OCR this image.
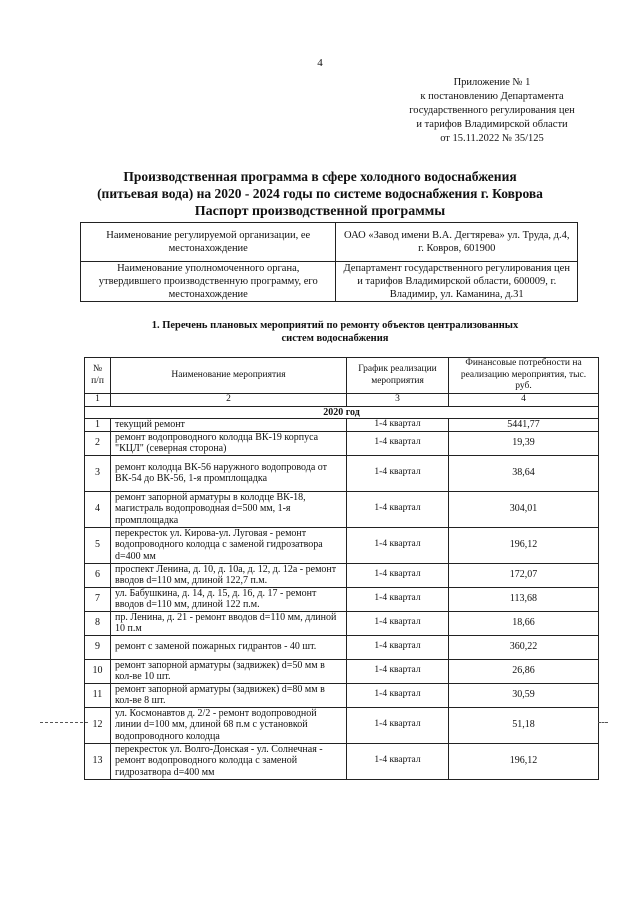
4
Приложение № 1
к постановлению Департамента
государственного регулирования цен
и тарифов Владимирской области
от 15.11.2022 № 35/125
Производственная программа в сфере холодного водоснабжения
(питьевая вода) на 2020 - 2024 годы по системе водоснабжения г. Коврова
Паспорт производственной программы
Наименование регулируемой организации, ее местонахождение	ОАО «Завод имени В.А. Дегтярева» ул. Труда, д.4, г. Ковров, 601900
Наименование уполномоченного органа, утвердившего производственную программу, его местонахождение	Департамент государственного регулирования цен и тарифов Владимирской области, 600009, г. Владимир, ул. Каманина, д.31
1. Перечень плановых мероприятий по ремонту объектов централизованных
систем водоснабжения
№ п/п	Наименование мероприятия	График реализации мероприятия	Финансовые потребности на реализацию мероприятия, тыс. руб.
1	2	3	4
2020 год			
1	текущий ремонт	1-4 квартал	5441,77
2	ремонт водопроводного колодца ВК-19 корпуса "КЦЛ" (северная сторона)	1-4 квартал	19,39
3	ремонт колодца ВК-56 наружного водопровода от ВК-54 до ВК-56, 1-я промплощадка	1-4 квартал	38,64
4	ремонт запорной арматуры в колодце ВК-18, магистраль водопроводная d=500 мм, 1-я промплощадка	1-4 квартал	304,01
5	перекресток ул. Кирова-ул. Луговая - ремонт водопроводного колодца с заменой гидрозатвора d=400 мм	1-4 квартал	196,12
6	проспект Ленина, д. 10, д. 10а, д. 12, д. 12а - ремонт вводов d=110 мм, длиной 122,7 п.м.	1-4 квартал	172,07
7	ул. Бабушкина, д. 14, д. 15, д. 16, д. 17 - ремонт вводов d=110 мм, длиной 122 п.м.	1-4 квартал	113,68
8	пр. Ленина, д. 21 - ремонт вводов d=110 мм, длиной 10 п.м	1-4 квартал	18,66
9	ремонт с заменой пожарных гидрантов - 40 шт.	1-4 квартал	360,22
10	ремонт запорной арматуры (задвижек) d=50 мм в кол-ве 10 шт.	1-4 квартал	26,86
11	ремонт запорной арматуры (задвижек) d=80 мм в кол-ве 8 шт.	1-4 квартал	30,59
12	ул. Космонавтов д. 2/2 - ремонт водопроводной линии d=100 мм, длиной 68 п.м с установкой водопроводного колодца	1-4 квартал	51,18
13	перекресток ул. Волго-Донская - ул. Солнечная - ремонт водопроводного колодца с заменой гидрозатвора d=400 мм	1-4 квартал	196,12
